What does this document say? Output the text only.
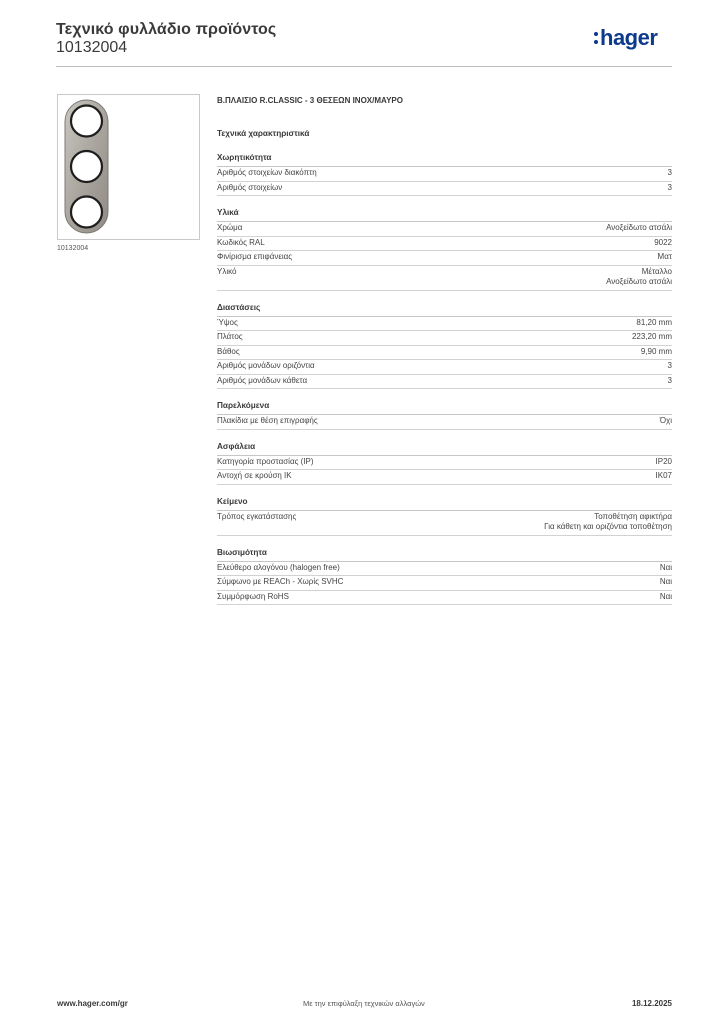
Τεχνικό φυλλάδιο προϊόντος
10132004	hager
10132004
Β.ΠΛΑΙΣΙΟ R.CLASSIC - 3 ΘΕΣΕΩΝ INOX/ΜΑΥΡΟ
Τεχνικά χαρακτηριστικά
Χωρητικότητα
Αριθμός στοιχείων διακόπτη	3
Αριθμός στοιχείων	3
Υλικά
Χρώμα	Ανοξείδωτο ατσάλι
Κωδικός RAL	9022
Φινίρισμα επιφάνειας	Ματ
Υλικό	Μέταλλο
Ανοξείδωτο ατσάλι
Διαστάσεις
Ύψος	81,20 mm
Πλάτος	223,20 mm
Βάθος	9,90 mm
Αριθμός μονάδων οριζόντια	3
Αριθμός μονάδων κάθετα	3
Παρελκόμενα
Πλακίδια με θέση επιγραφής	Όχι
Ασφάλεια
Κατηγορία προστασίας (IP)	IP20
Αντοχή σε κρούση IK	IK07
Κείμενο
Τρόπος εγκατάστασης	Τοποθέτηση αφικτήρα
Για κάθετη και οριζόντια τοποθέτηση
Βιωσιμότητα
Ελεύθερο αλογόνου (halogen free)	Ναι
Σύμφωνο με REACh - Χωρίς SVHC	Ναι
Συμμόρφωση RoHS	Ναι
www.hager.com/gr	Με την επιφύλαξη τεχνικών αλλαγών	18.12.2025
